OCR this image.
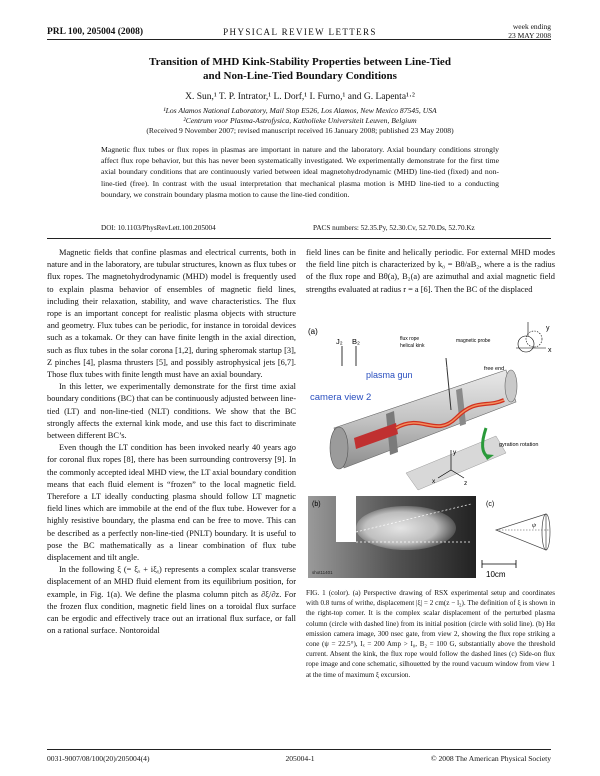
PRL 100, 205004 (2008)	PHYSICAL REVIEW LETTERS
week ending
23 MAY 2008
Transition of MHD Kink-Stability Properties between Line-Tied
and Non-Line-Tied Boundary Conditions
X. Sun,¹ T. P. Intrator,¹ L. Dorf,¹ I. Furno,¹ and G. Lapenta¹·²
¹Los Alamos National Laboratory, Mail Stop E526, Los Alamos, New Mexico 87545, USA
²Centrum voor Plasma-Astrofysica, Katholieke Universiteit Leuven, Belgium
(Received 9 November 2007; revised manuscript received 16 January 2008; published 23 May 2008)
Magnetic flux tubes or flux ropes in plasmas are important in nature and the laboratory. Axial boundary conditions strongly affect flux rope behavior, but this has never been systematically investigated. We experimentally demonstrate for the first time axial boundary conditions that are continuously varied between ideal magnetohydrodynamic (MHD) line-tied (fixed) and non-line-tied (free). In contrast with the usual interpretation that mechanical plasma motion is MHD line-tied to a conducting boundary, we constrain boundary plasma motion to cause the line-tied condition.
DOI: 10.1103/PhysRevLett.100.205004	PACS numbers: 52.35.Py, 52.30.Cv, 52.70.Ds, 52.70.Kz

Magnetic fields that confine plasmas and electrical currents, both in nature and in the laboratory, are tubular structures, known as flux tubes or flux ropes. The magnetohydrodynamic (MHD) model is frequently used to explain plasma behavior of ensembles of magnetic field lines, including their relaxation, stability, and wave characteristics. The flux rope is an important concept for realistic plasma objects with structure and geometry. Flux tubes can be periodic, for instance in toroidal devices such as a tokamak. Or they can have finite length in the axial direction, such as flux tubes in the solar corona [1,2], during spheromak startup [3], Z pinches [4], plasma thrusters [5], and possibly astrophysical jets [6,7]. Those flux tubes with finite length must have an axial boundary.

In this letter, we experimentally demonstrate for the first time axial boundary conditions (BC) that can be continuously adjusted between line-tied (LT) and non-line-tied (NLT) conditions. We show that the BC strongly affects the external kink mode, and use this fact to discriminate between different BC’s.

Even though the LT condition has been invoked nearly 40 years ago for coronal flux ropes [8], there has been surrounding controversy [9]. In the commonly accepted ideal MHD view, the LT axial boundary condition means that each fluid element is “frozen” to the local magnetic field. Therefore a LT ideally conducting plasma should follow LT magnetic field lines which are immobile at the end of the flux tube. However for a highly resistive boundary, the plasma end can be free to move. This can be described as a perfectly non-line-tied (PNLT) boundary. It is useful to pose the BC mathematically as a linear combination of flux tube displacement and tilt angle.

In the following ξ (= ξₓ + iξᵧ) represents a complex scalar transverse displacement of an MHD fluid element from its equilibrium position, for example, in Fig. 1(a). We define the plasma column pitch as ∂ξ/∂z. For the frozen flux condition, magnetic field lines on a toroidal flux surface can be ergodic and effectively trace out an irrational flux surface, or fall on a rational surface. Nontoroidal

field lines can be finite and helically periodic. For external MHD modes the field line pitch is characterized by k₀ = Bθ/aB₂, where a is the radius of the flux rope and Bθ(a), B₂(a) are azimuthal and axial magnetic field strengths evaluated at radius r = a [6]. Then the BC of the displaced

(a)
J₂ B₂	flux rope
helical kink
magnetic probe
camera view 1	free end
plasma gun
camera view 2
gyration rotation
y
x	z
y
x
(b)
shot11401
(c)
ψ
10cm
FIG. 1 (color). (a) Perspective drawing of RSX experimental setup and coordinates with 0.8 turns of writhe, displacement |ξ| = 2 cm(z − l₂). The definition of ξ is shown in the right-top corner. It is the complex scalar displacement of the perturbed plasma column (circle with dashed line) from its initial position (circle with solid line). (b) Hα emission camera image, 300 nsec gate, from view 2, showing the flux rope striking a cone (ψ = 22.5°), Iₓ = 200 Amp > I₀, B₂ = 100 G, substantially above the threshold current. Absent the kink, the flux rope would follow the dashed lines (c) Side-on flux rope image and cone schematic, silhouetted by the round vacuum window from view 1 at the time of maximum ξ excursion.
0031-9007/08/100(20)/205004(4)	205004-1	© 2008 The American Physical Society
